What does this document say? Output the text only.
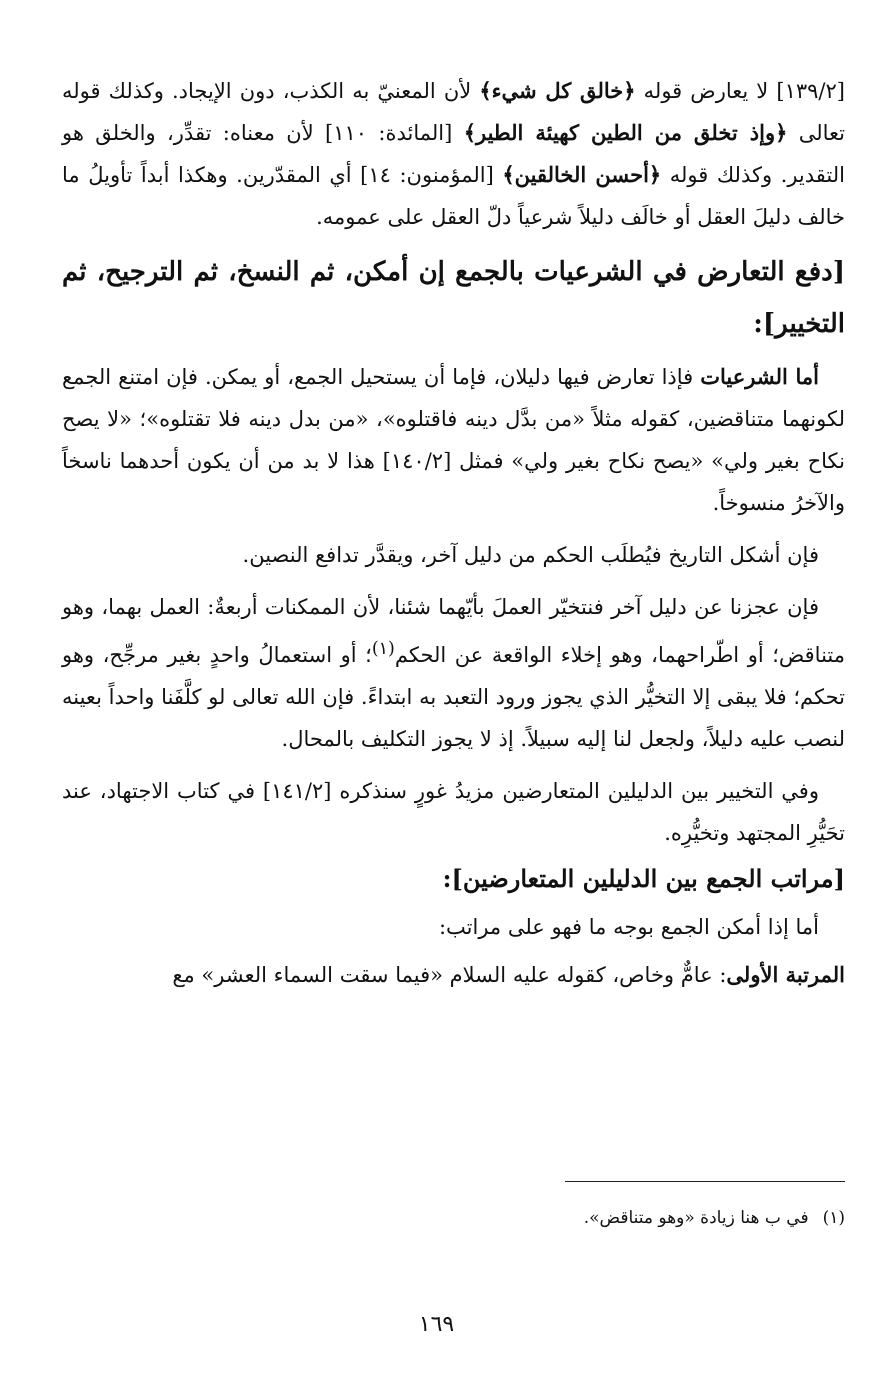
[١٣٩/٢] لا يعارض قوله ﴿خالق كل شيء﴾ لأن المعنيّ به الكذب، دون الإيجاد. وكذلك قوله تعالى ﴿وإذ تخلق من الطين كهيئة الطير﴾ [المائدة: ١١٠] لأن معناه: تقدِّر، والخلق هو التقدير. وكذلك قوله ﴿أحسن الخالقين﴾ [المؤمنون: ١٤] أي المقدّرين. وهكذا أبداً تأويلُ ما خالف دليلَ العقل أو خالَف دليلاً شرعياً دلّ العقل على عمومه.

[دفع التعارض في الشرعيات بالجمع إن أمكن، ثم النسخ، ثم الترجيح، ثم التخيير]:

أما الشرعيات فإذا تعارض فيها دليلان، فإما أن يستحيل الجمع، أو يمكن. فإن امتنع الجمع لكونهما متناقضين، كقوله مثلاً «من بدَّل دينه فاقتلوه»، «من بدل دينه فلا تقتلوه»؛ «لا يصح نكاح بغير ولي» «يصح نكاح بغير ولي» فمثل [١٤٠/٢] هذا لا بد من أن يكون أحدهما ناسخاً والآخرُ منسوخاً.

فإن أشكل التاريخ فيُطلَب الحكم من دليل آخر، ويقدَّر تدافع النصين.

فإن عجزنا عن دليل آخر فنتخيّر العملَ بأيّهما شئنا، لأن الممكنات أربعةٌ: العمل بهما، وهو متناقض؛ أو اطّراحهما، وهو إخلاء الواقعة عن الحكم$^{(١)}$؛ أو استعمالُ واحدٍ بغير مرجِّح، وهو تحكم؛ فلا يبقى إلا التخيُّر الذي يجوز ورود التعبد به ابتداءً. فإن الله تعالى لو كلَّفَنا واحداً بعينه لنصب عليه دليلاً، ولجعل لنا إليه سبيلاً. إذ لا يجوز التكليف بالمحال.

وفي التخيير بين الدليلين المتعارضين مزيدُ غورٍ سنذكره [١٤١/٢] في كتاب الاجتهاد، عند تحَيُّرِ المجتهد وتخيُّرِه.

[مراتب الجمع بين الدليلين المتعارضين]:

أما إذا أمكن الجمع بوجه ما فهو على مراتب:

المرتبة الأولى: عامٌّ وخاص، كقوله عليه السلام «فيما سقت السماء العشر» مع

(١)في ب هنا زيادة «وهو متناقض».
١٦٩
